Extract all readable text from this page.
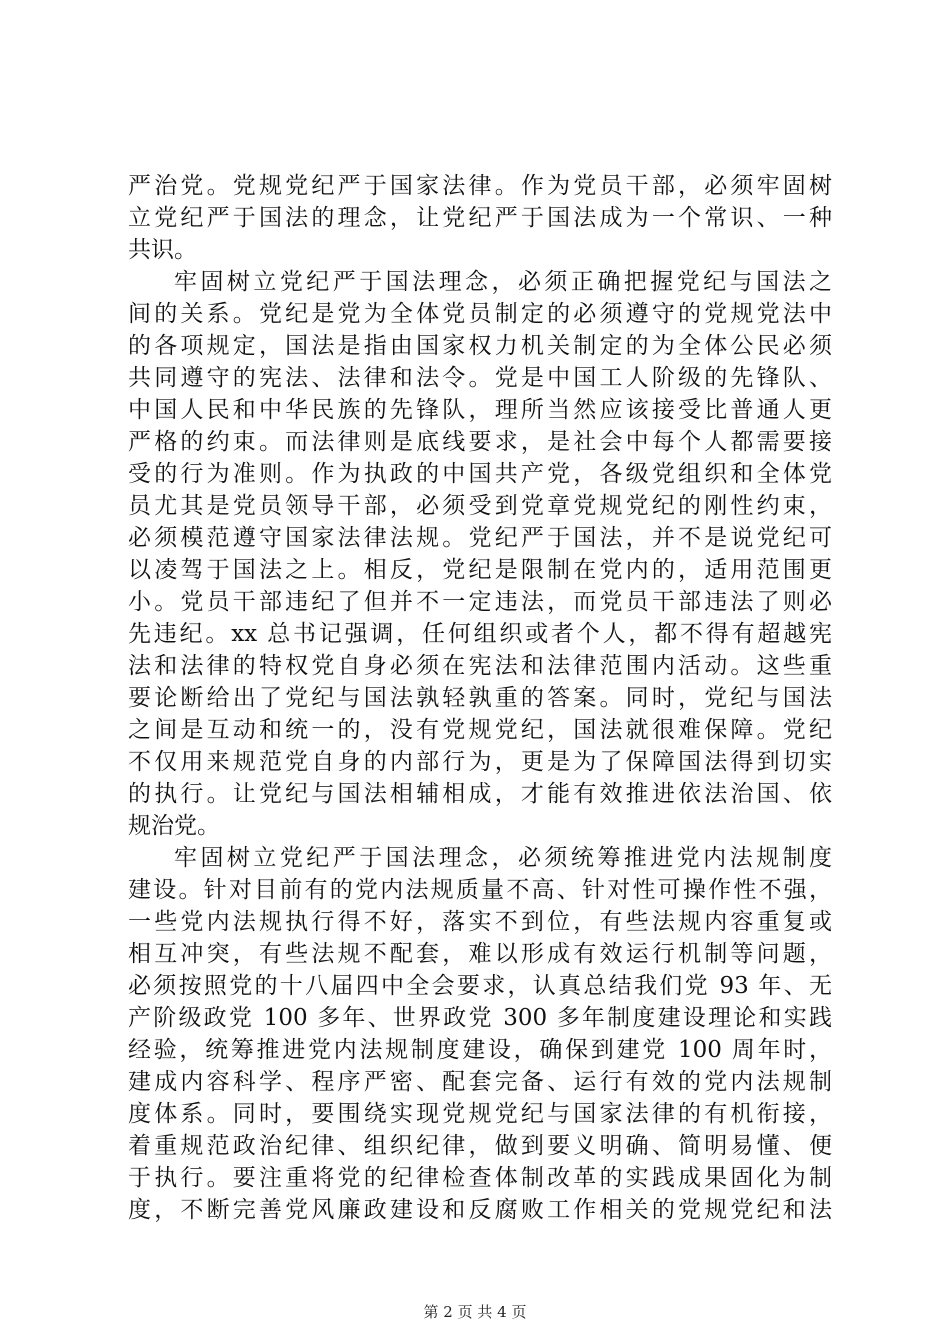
严治党。党规党纪严于国家法律。作为党员干部，必须牢固树
立党纪严于国法的理念，让党纪严于国法成为一个常识、一种
共识。
牢固树立党纪严于国法理念，必须正确把握党纪与国法之
间的关系。党纪是党为全体党员制定的必须遵守的党规党法中
的各项规定，国法是指由国家权力机关制定的为全体公民必须
共同遵守的宪法、法律和法令。党是中国工人阶级的先锋队、
中国人民和中华民族的先锋队，理所当然应该接受比普通人更
严格的约束。而法律则是底线要求，是社会中每个人都需要接
受的行为准则。作为执政的中国共产党，各级党组织和全体党
员尤其是党员领导干部，必须受到党章党规党纪的刚性约束，
必须模范遵守国家法律法规。党纪严于国法，并不是说党纪可
以凌驾于国法之上。相反，党纪是限制在党内的，适用范围更
小。党员干部违纪了但并不一定违法，而党员干部违法了则必
先违纪。xx 总书记强调，任何组织或者个人，都不得有超越宪
法和法律的特权党自身必须在宪法和法律范围内活动。这些重
要论断给出了党纪与国法孰轻孰重的答案。同时，党纪与国法
之间是互动和统一的，没有党规党纪，国法就很难保障。党纪
不仅用来规范党自身的内部行为，更是为了保障国法得到切实
的执行。让党纪与国法相辅相成，才能有效推进依法治国、依
规治党。
牢固树立党纪严于国法理念，必须统筹推进党内法规制度
建设。针对目前有的党内法规质量不高、针对性可操作性不强，
一些党内法规执行得不好，落实不到位，有些法规内容重复或
相互冲突，有些法规不配套，难以形成有效运行机制等问题，
必须按照党的十八届四中全会要求，认真总结我们党 93 年、无
产阶级政党 100 多年、世界政党 300 多年制度建设理论和实践
经验，统筹推进党内法规制度建设，确保到建党 100 周年时，
建成内容科学、程序严密、配套完备、运行有效的党内法规制
度体系。同时，要围绕实现党规党纪与国家法律的有机衔接，
着重规范政治纪律、组织纪律，做到要义明确、简明易懂、便
于执行。要注重将党的纪律检查体制改革的实践成果固化为制
度，不断完善党风廉政建设和反腐败工作相关的党规党纪和法
第 2 页 共 4 页
